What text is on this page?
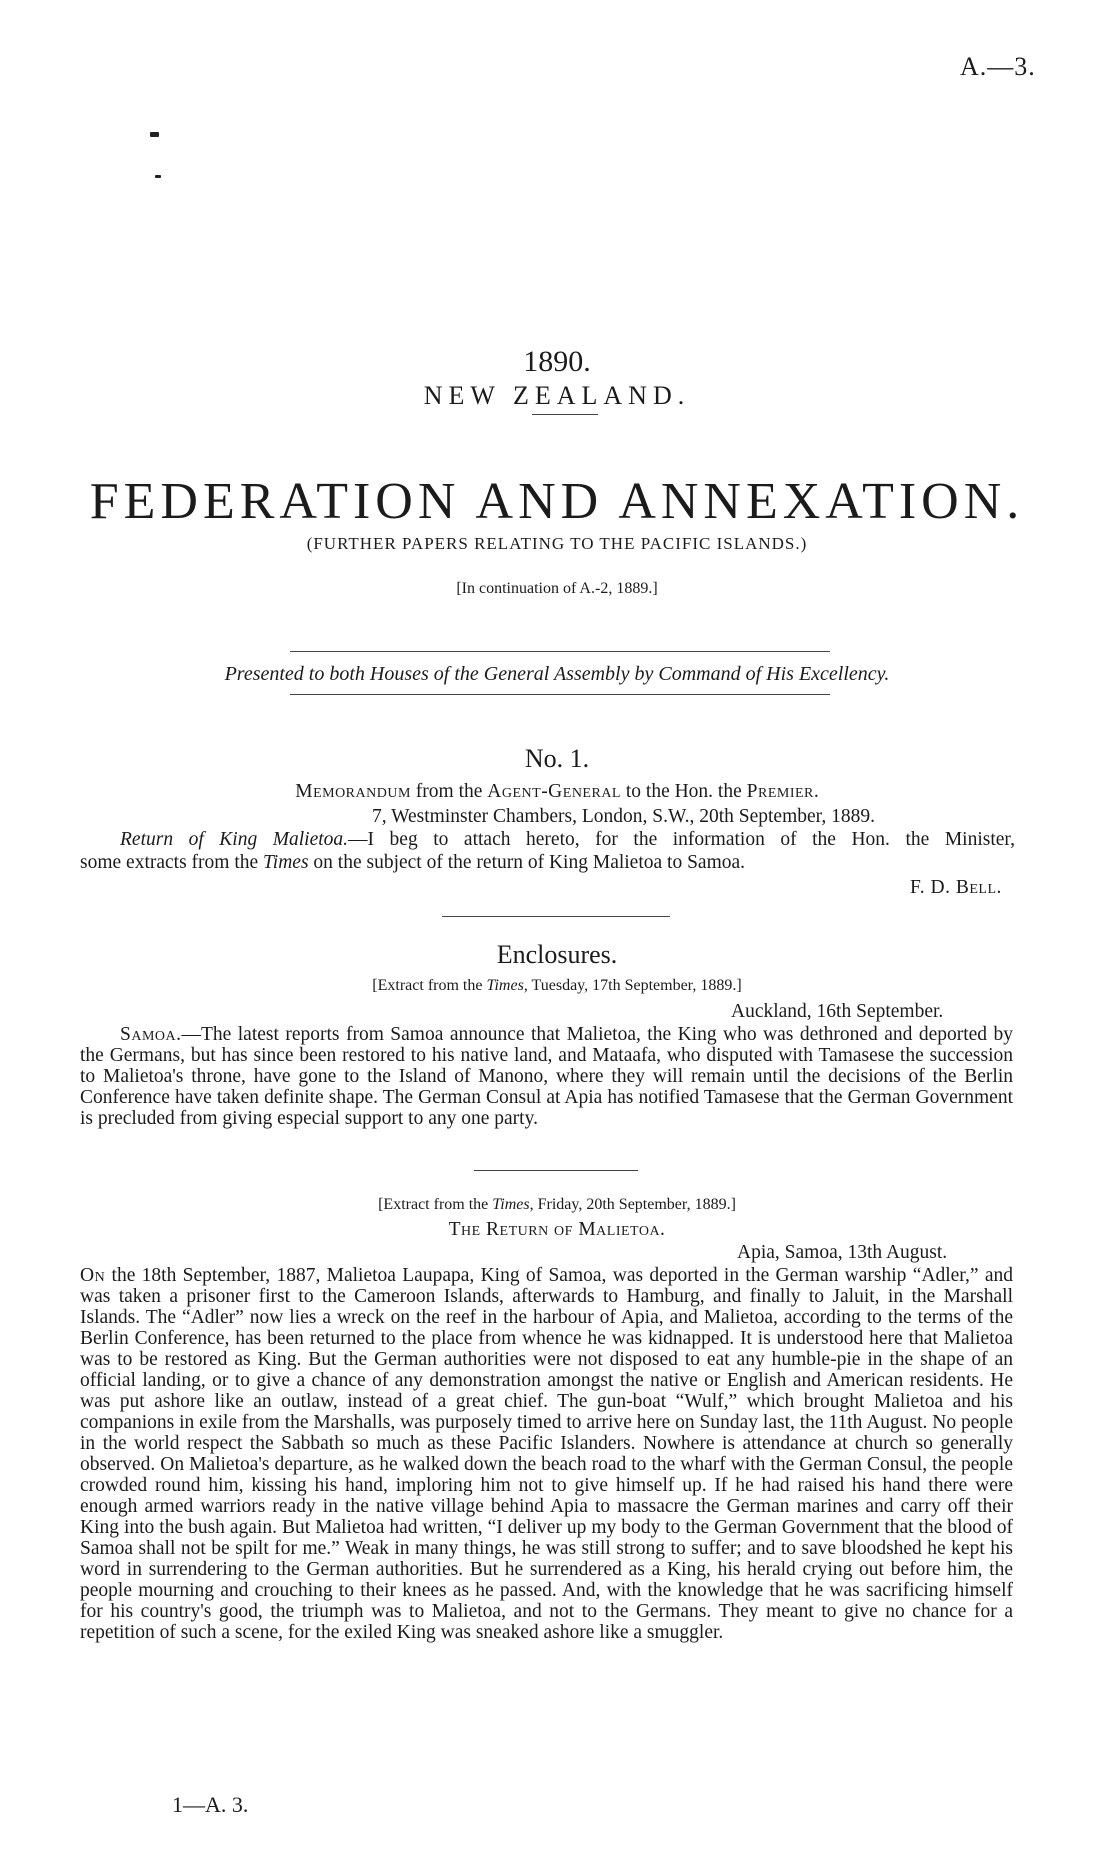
A.—3.
1890.
NEW ZEALAND.
FEDERATION AND ANNEXATION.
(FURTHER PAPERS RELATING TO THE PACIFIC ISLANDS.)
[In continuation of A.-2, 1889.]
Presented to both Houses of the General Assembly by Command of His Excellency.
No. 1.
Memorandum from the Agent-General to the Hon. the Premier.
7, Westminster Chambers, London, S.W., 20th September, 1889.
Return of King Malietoa.—I beg to attach hereto, for the information of the Hon. the Minister,
some extracts from the Times on the subject of the return of King Malietoa to Samoa.
F. D. Bell.
Enclosures.
[Extract from the Times, Tuesday, 17th September, 1889.]
Auckland, 16th September.
Samoa.—The latest reports from Samoa announce that Malietoa, the King who was dethroned and deported by the Germans, but has since been restored to his native land, and Mataafa, who disputed with Tamasese the succession to Malietoa's throne, have gone to the Island of Manono, where they will remain until the decisions of the Berlin Conference have taken definite shape. The German Consul at Apia has notified Tamasese that the German Government is precluded from giving especial support to any one party.
[Extract from the Times, Friday, 20th September, 1889.]
The Return of Malietoa.
Apia, Samoa, 13th August.
On the 18th September, 1887, Malietoa Laupapa, King of Samoa, was deported in the German warship “Adler,” and was taken a prisoner first to the Cameroon Islands, afterwards to Hamburg, and finally to Jaluit, in the Marshall Islands. The “Adler” now lies a wreck on the reef in the harbour of Apia, and Malietoa, according to the terms of the Berlin Conference, has been returned to the place from whence he was kidnapped. It is understood here that Malietoa was to be restored as King. But the German authorities were not disposed to eat any humble-pie in the shape of an official landing, or to give a chance of any demonstration amongst the native or English and American residents. He was put ashore like an outlaw, instead of a great chief. The gun-boat “Wulf,” which brought Malietoa and his companions in exile from the Marshalls, was purposely timed to arrive here on Sunday last, the 11th August. No people in the world respect the Sabbath so much as these Pacific Islanders. Nowhere is attendance at church so generally observed. On Malietoa's departure, as he walked down the beach road to the wharf with the German Consul, the people crowded round him, kissing his hand, imploring him not to give himself up. If he had raised his hand there were enough armed warriors ready in the native village behind Apia to massacre the German marines and carry off their King into the bush again. But Malietoa had written, “I deliver up my body to the German Government that the blood of Samoa shall not be spilt for me.” Weak in many things, he was still strong to suffer; and to save bloodshed he kept his word in surrendering to the German authorities. But he surrendered as a King, his herald crying out before him, the people mourning and crouching to their knees as he passed. And, with the knowledge that he was sacrificing himself for his country's good, the triumph was to Malietoa, and not to the Germans. They meant to give no chance for a repetition of such a scene, for the exiled King was sneaked ashore like a smuggler.
1—A. 3.
